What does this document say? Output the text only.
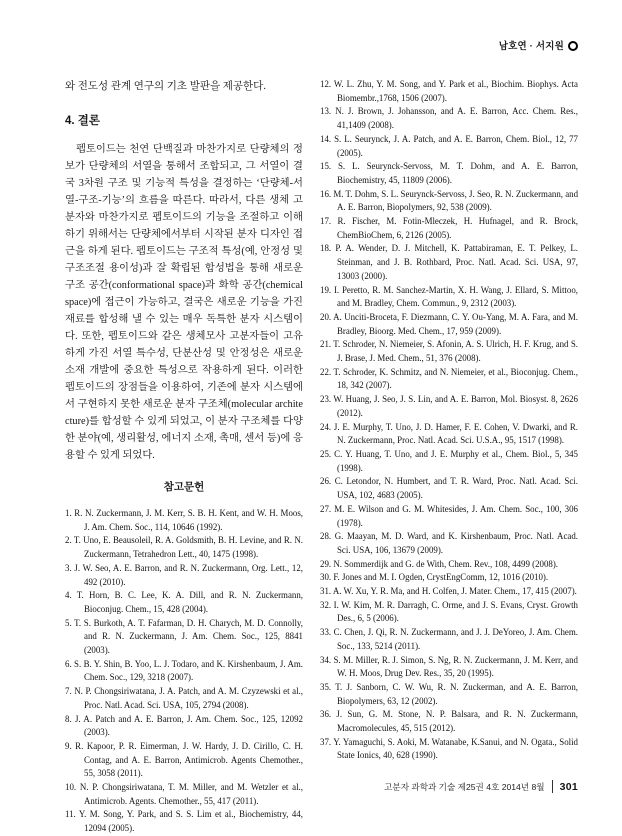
남호연 · 서지원
와 전도성 관계 연구의 기초 발판을 제공한다.
4. 결론
펩토이드는 천연 단백질과 마찬가지로 단량체의 정보가 단량체의 서열을 통해서 조합되고, 그 서열이 결국 3차원 구조 및 기능적 특성을 결정하는 ‘단량체-서열-구조-기능’의 흐름을 따른다. 따라서, 다른 생체 고분자와 마찬가지로 펩토이드의 기능을 조절하고 이해하기 위해서는 단량체에서부터 시작된 분자 디자인 접근을 하게 된다. 펩토이드는 구조적 특성(예, 안정성 및 구조조절 용이성)과 잘 확립된 합성법을 통해 새로운 구조 공간(conformational space)과 화학 공간(chemical space)에 접근이 가능하고, 결국은 새로운 기능을 가진 재료를 합성해 낼 수 있는 매우 독특한 분자 시스템이다. 또한, 펩토이드와 같은 생체모사 고분자들이 고유하게 가진 서열 특수성, 단분산성 및 안정성은 새로운 소재 개발에 중요한 특성으로 작용하게 된다. 이러한 펩토이드의 장점들을 이용하여, 기존에 분자 시스템에서 구현하지 못한 새로운 분자 구조체(molecular architecture)를 합성할 수 있게 되었고, 이 분자 구조체를 다양한 분야(예, 생리활성, 에너지 소재, 촉매, 센서 등)에 응용할 수 있게 되었다.
참고문헌
1. R. N. Zuckermann, J. M. Kerr, S. B. H. Kent, and W. H. Moos, J. Am. Chem. Soc., 114, 10646 (1992).
2. T. Uno, E. Beausoleil, R. A. Goldsmith, B. H. Levine, and R. N. Zuckermann, Tetrahedron Lett., 40, 1475 (1998).
3. J. W. Seo, A. E. Barron, and R. N. Zuckermann, Org. Lett., 12, 492 (2010).
4. T. Horn, B. C. Lee, K. A. Dill, and R. N. Zuckermann, Bioconjug. Chem., 15, 428 (2004).
5. T. S. Burkoth, A. T. Fafarman, D. H. Charych, M. D. Connolly, and R. N. Zuckermann, J. Am. Chem. Soc., 125, 8841 (2003).
6. S. B. Y. Shin, B. Yoo, L. J. Todaro, and K. Kirshenbaum, J. Am. Chem. Soc., 129, 3218 (2007).
7. N. P. Chongsiriwatana, J. A. Patch, and A. M. Czyzewski et al., Proc. Natl. Acad. Sci. USA, 105, 2794 (2008).
8. J. A. Patch and A. E. Barron, J. Am. Chem. Soc., 125, 12092 (2003).
9. R. Kapoor, P. R. Eimerman, J. W. Hardy, J. D. Cirillo, C. H. Contag, and A. E. Barron, Antimicrob. Agents Chemother., 55, 3058 (2011).
10. N. P. Chongsiriwatana, T. M. Miller, and M. Wetzler et al., Antimicrob. Agents. Chemother., 55, 417 (2011).
11. Y. M. Song, Y. Park, and S. S. Lim et al., Biochemistry, 44, 12094 (2005).
12. W. L. Zhu, Y. M. Song, and Y. Park et al., Biochim. Biophys. Acta Biomembr.,1768, 1506 (2007).
13. N. J. Brown, J. Johansson, and A. E. Barron, Acc. Chem. Res., 41,1409 (2008).
14. S. L. Seurynck, J. A. Patch, and A. E. Barron, Chem. Biol., 12, 77 (2005).
15. S. L. Seurynck-Servoss, M. T. Dohm, and A. E. Barron, Biochemistry, 45, 11809 (2006).
16. M. T. Dohm, S. L. Seurynck-Servoss, J. Seo, R. N. Zuckermann, and A. E. Barron, Biopolymers, 92, 538 (2009).
17. R. Fischer, M. Fotin-Mleczek, H. Hufnagel, and R. Brock, ChemBioChem, 6, 2126 (2005).
18. P. A. Wender, D. J. Mitchell, K. Pattabiraman, E. T. Pelkey, L. Steinman, and J. B. Rothbard, Proc. Natl. Acad. Sci. USA, 97, 13003 (2000).
19. I. Peretto, R. M. Sanchez-Martin, X. H. Wang, J. Ellard, S. Mittoo, and M. Bradley, Chem. Commun., 9, 2312 (2003).
20. A. Unciti-Broceta, F. Diezmann, C. Y. Ou-Yang, M. A. Fara, and M. Bradley, Bioorg. Med. Chem., 17, 959 (2009).
21. T. Schroder, N. Niemeier, S. Afonin, A. S. Ulrich, H. F. Krug, and S. J. Brase, J. Med. Chem., 51, 376 (2008).
22. T. Schroder, K. Schmitz, and N. Niemeier, et al., Bioconjug. Chem., 18, 342 (2007).
23. W. Huang, J. Seo, J. S. Lin, and A. E. Barron, Mol. Biosyst. 8, 2626 (2012).
24. J. E. Murphy, T. Uno, J. D. Hamer, F. E. Cohen, V. Dwarki, and R. N. Zuckermann, Proc. Natl. Acad. Sci. U.S.A., 95, 1517 (1998).
25. C. Y. Huang, T. Uno, and J. E. Murphy et al., Chem. Biol., 5, 345 (1998).
26. C. Letondor, N. Humbert, and T. R. Ward, Proc. Natl. Acad. Sci. USA, 102, 4683 (2005).
27. M. E. Wilson and G. M. Whitesides, J. Am. Chem. Soc., 100, 306 (1978).
28. G. Maayan, M. D. Ward, and K. Kirshenbaum, Proc. Natl. Acad. Sci. USA, 106, 13679 (2009).
29. N. Sommerdijk and G. de With, Chem. Rev., 108, 4499 (2008).
30. F. Jones and M. I. Ogden, CrystEngComm, 12, 1016 (2010).
31. A. W. Xu, Y. R. Ma, and H. Colfen, J. Mater. Chem., 17, 415 (2007).
32. I. W. Kim, M. R. Darragh, C. Orme, and J. S. Evans, Cryst. Growth Des., 6, 5 (2006).
33. C. Chen, J. Qi, R. N. Zuckermann, and J. J. DeYoreo, J. Am. Chem. Soc., 133, 5214 (2011).
34. S. M. Miller, R. J. Simon, S. Ng, R. N. Zuckermann, J. M. Kerr, and W. H. Moos, Drug Dev. Res., 35, 20 (1995).
35. T. J. Sanborn, C. W. Wu, R. N. Zuckerman, and A. E. Barron, Biopolymers, 63, 12 (2002).
36. J. Sun, G. M. Stone, N. P. Balsara, and R. N. Zuckermann, Macromolecules, 45, 515 (2012).
37. Y. Yamaguchi, S. Aoki, M. Watanabe, K.Sanui, and N. Ogata., Solid State Ionics, 40, 628 (1990).
고분자 과학과 기술 제25권 4호 2014년 8월 301
